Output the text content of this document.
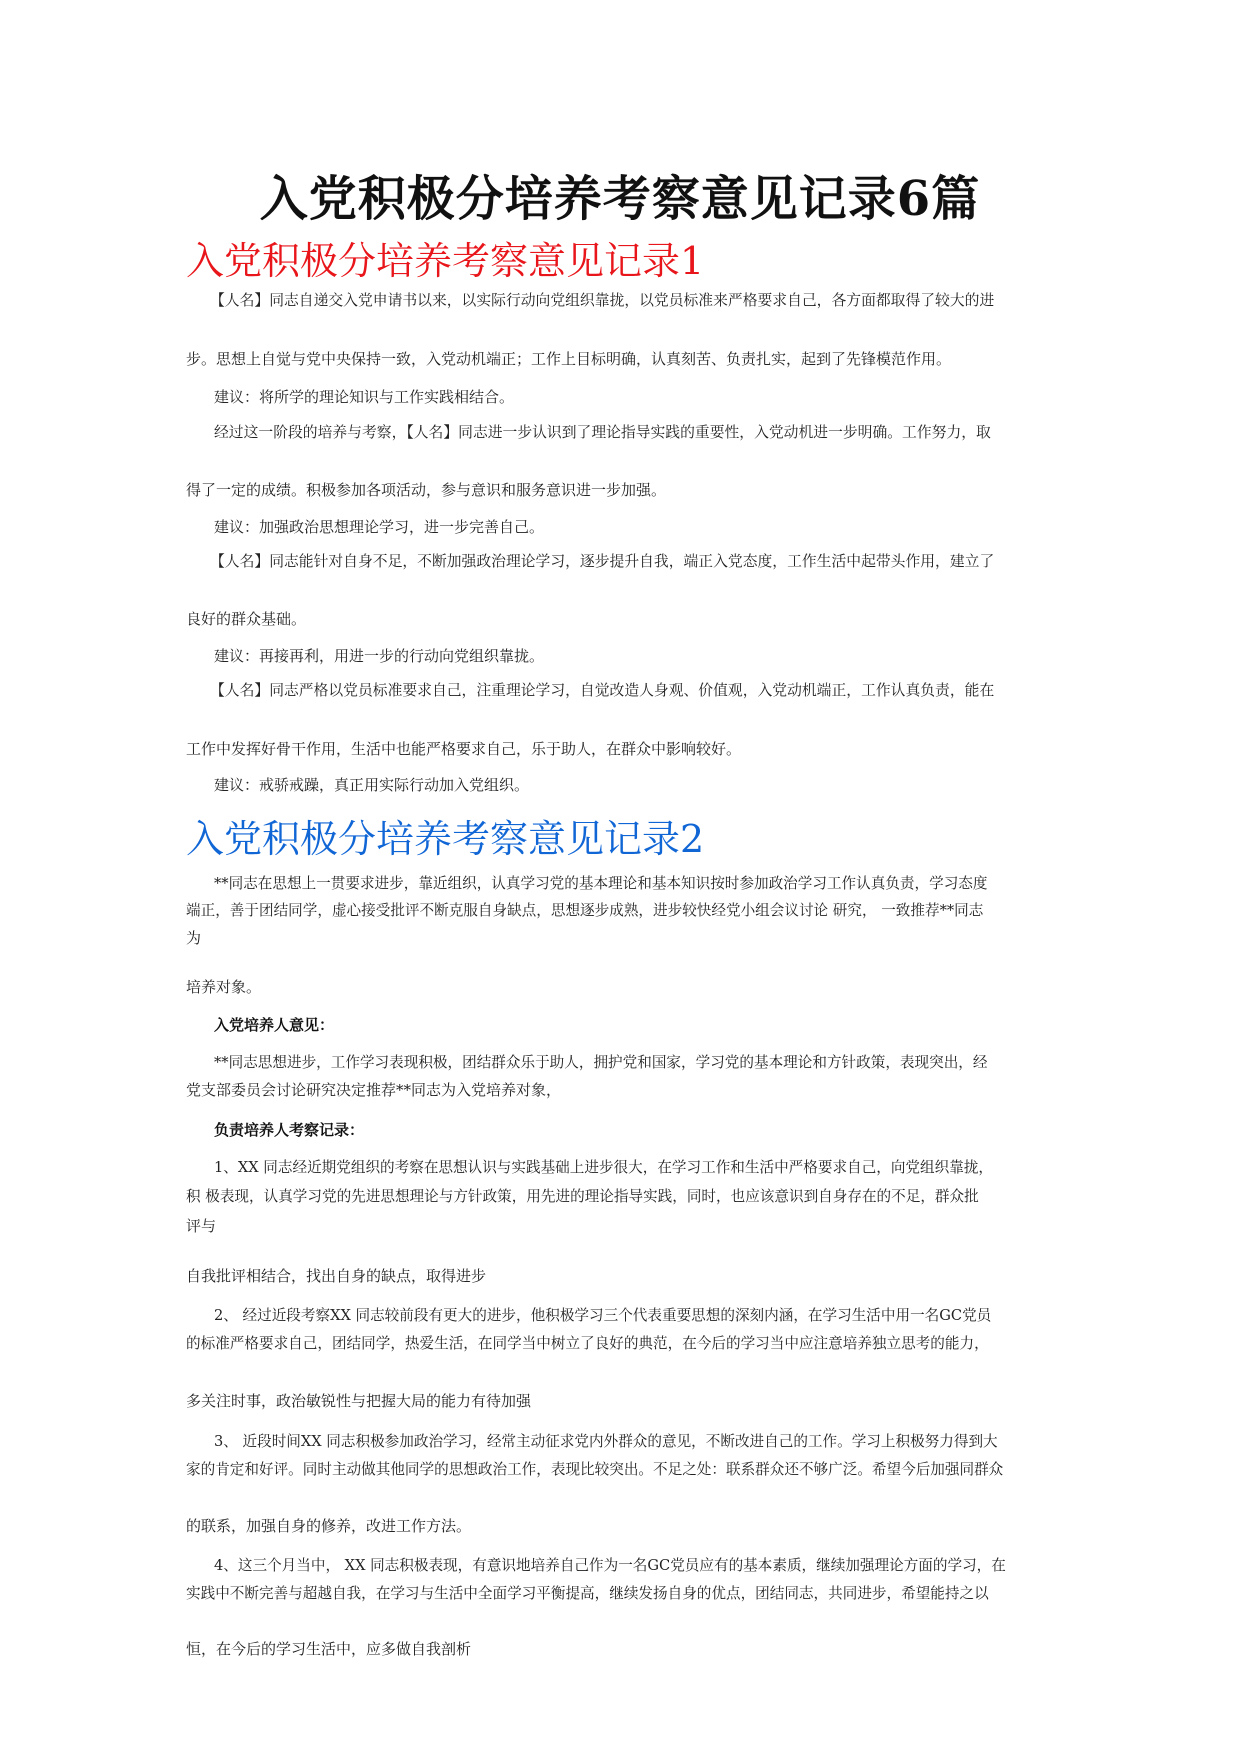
入党积极分培养考察意见记录6篇
入党积极分培养考察意见记录1
【人名】同志自递交入党申请书以来，以实际行动向党组织靠拢，以党员标准来严格要求自己，各方面都取得了较大的进
步。思想上自觉与党中央保持一致，入党动机端正；工作上目标明确，认真刻苦、负责扎实，起到了先锋模范作用。
建议：将所学的理论知识与工作实践相结合。
经过这一阶段的培养与考察，【人名】同志进一步认识到了理论指导实践的重要性，入党动机进一步明确。工作努力，取
得了一定的成绩。积极参加各项活动，参与意识和服务意识进一步加强。
建议：加强政治思想理论学习，进一步完善自己。
【人名】同志能针对自身不足，不断加强政治理论学习，逐步提升自我，端正入党态度，工作生活中起带头作用，建立了
良好的群众基础。
建议：再接再利，用进一步的行动向党组织靠拢。
【人名】同志严格以党员标准要求自己，注重理论学习，自觉改造人身观、价值观，入党动机端正，工作认真负责，能在
工作中发挥好骨干作用，生活中也能严格要求自己，乐于助人，在群众中影响较好。
建议：戒骄戒躁，真正用实际行动加入党组织。
入党积极分培养考察意见记录2
**同志在思想上一贯要求进步，靠近组织，认真学习党的基本理论和基本知识按时参加政治学习工作认真负责，学习态度
端正，善于团结同学，虚心接受批评不断克服自身缺点，思想逐步成熟，进步较快经党小组会议讨论 研究， 一致推荐**同志
为
培养对象。
入党培养人意见：
**同志思想进步，工作学习表现积极，团结群众乐于助人，拥护党和国家，学习党的基本理论和方针政策，表现突出，经
党支部委员会讨论研究决定推荐**同志为入党培养对象，
负责培养人考察记录：
1、XX 同志经近期党组织的考察在思想认识与实践基础上进步很大，在学习工作和生活中严格要求自己，向党组织靠拢，
积 极表现，认真学习党的先进思想理论与方针政策，用先进的理论指导实践，同时，也应该意识到自身存在的不足，群众批
评与
自我批评相结合，找出自身的缺点，取得进步
2、 经过近段考察XX 同志较前段有更大的进步，他积极学习三个代表重要思想的深刻内涵，在学习生活中用一名GC党员
的标准严格要求自己，团结同学，热爱生活，在同学当中树立了良好的典范，在今后的学习当中应注意培养独立思考的能力，
多关注时事，政治敏锐性与把握大局的能力有待加强
3、 近段时间XX 同志积极参加政治学习，经常主动征求党内外群众的意见，不断改进自己的工作。学习上积极努力得到大
家的肯定和好评。同时主动做其他同学的思想政治工作，表现比较突出。不足之处：联系群众还不够广泛。希望今后加强同群众
的联系，加强自身的修养，改进工作方法。
4、这三个月当中， XX 同志积极表现，有意识地培养自己作为一名GC党员应有的基本素质，继续加强理论方面的学习，在
实践中不断完善与超越自我，在学习与生活中全面学习平衡提高，继续发扬自身的优点，团结同志，共同进步，希望能持之以
恒，在今后的学习生活中，应多做自我剖析
